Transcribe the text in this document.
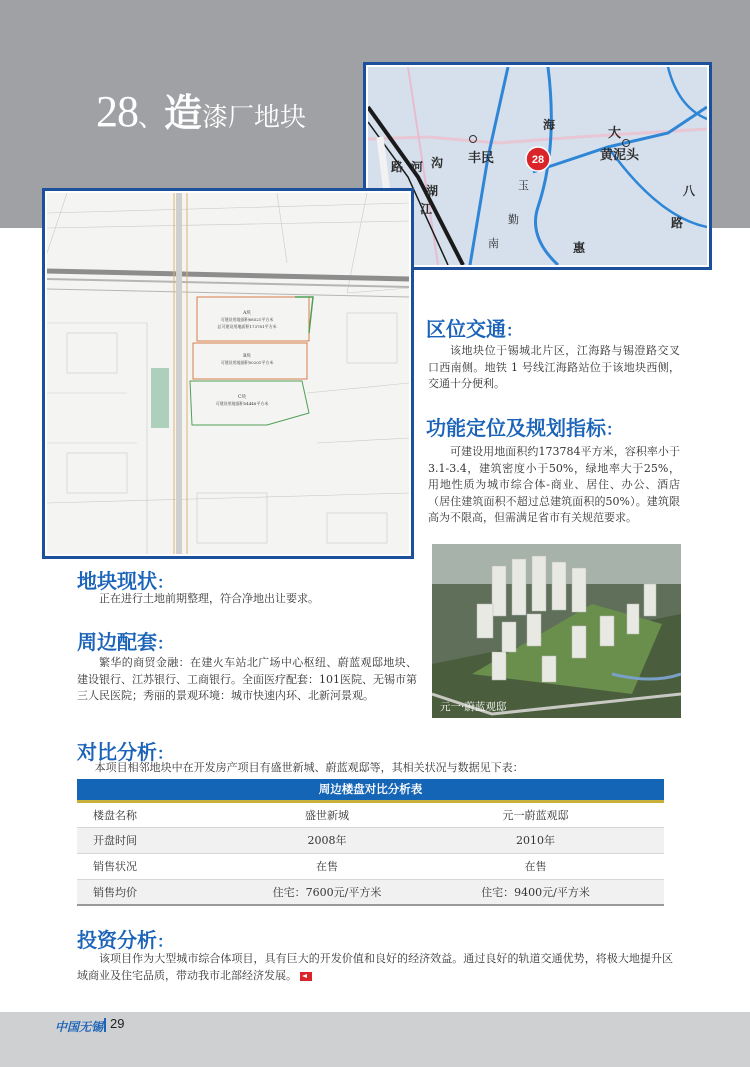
28、造漆厂地块
丰民
大
黄泥头
路 河 沟
湖
江
海
八
路
惠
玉
勤
南
28
A块
可建设用地面积68521平方米
总可建设用地面积173781平方米
B块
可建设用地面积50201平方米
C块
可建设用地面积54448平方米
元一·蔚蓝观邸
区位交通：

该地块位于锡城北片区，江海路与锡澄路交叉口西南侧。地铁 1 号线江海路站位于该地块西侧，交通十分便利。

功能定位及规划指标：

可建设用地面积约173784平方米，容积率小于3.1-3.4，建筑密度小于50%，绿地率大于25%，用地性质为城市综合体-商业、居住、办公、酒店（居住建筑面积不超过总建筑面积的50%）。建筑限高为不限高，但需满足省市有关规范要求。

地块现状：

正在进行土地前期整理，符合净地出让要求。

周边配套：

繁华的商贸金融：在建火车站北广场中心枢纽、蔚蓝观邸地块、建设银行、江苏银行、工商银行。全面医疗配套：101医院、无锡市第三人民医院；秀丽的景观环境：城市快速内环、北新河景观。

对比分析：

本项目相邻地块中在开发房产项目有盛世新城、蔚蓝观邸等，其相关状况与数据见下表：

周边楼盘对比分析表		
楼盘名称	盛世新城	元一蔚蓝观邸
开盘时间	2008年	2010年
销售状况	在售	在售
销售均价	住宅：7600元/平方米	住宅：9400元/平方米
投资分析：

该项目作为大型城市综合体项目，具有巨大的开发价值和良好的经济效益。通过良好的轨道交通优势，将极大地提升区域商业及住宅品质，带动我市北部经济发展。

中国无锡 29
